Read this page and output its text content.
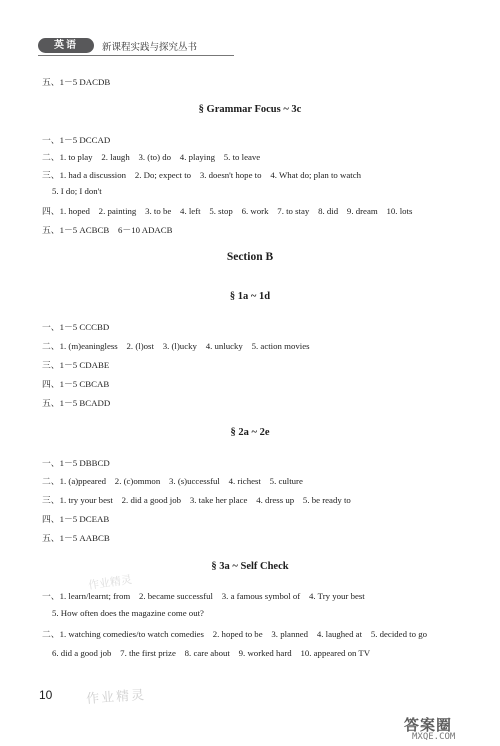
英语	新课程实践与探究丛书
五、1－5 DACDB
§ Grammar Focus ~ 3c
一、1－5 DCCAD
二、1. to play　2. laugh　3. (to) do　4. playing　5. to leave
三、1. had a discussion　2. Do; expect to　3. doesn't hope to　4. What do; plan to watch
5. I do; I don't
四、1. hoped　2. painting　3. to be　4. left　5. stop　6. work　7. to stay　8. did　9. dream　10. lots
五、1－5 ACBCB　6－10 ADACB
Section B
§ 1a ~ 1d
一、1－5 CCCBD
二、1. (m)eaningless　2. (l)ost　3. (l)ucky　4. unlucky　5. action movies
三、1－5 CDABE
四、1－5 CBCAB
五、1－5 BCADD
§ 2a ~ 2e
一、1－5 DBBCD
二、1. (a)ppeared　2. (c)ommon　3. (s)uccessful　4. richest　5. culture
三、1. try your best　2. did a good job　3. take her place　4. dress up　5. be ready to
四、1－5 DCEAB
五、1－5 AABCB
§ 3a ~ Self Check
作业精灵
一、1. learn/learnt; from　2. became successful　3. a famous symbol of　4. Try your best
5. How often does the magazine come out?
二、1. watching comedies/to watch comedies　2. hoped to be　3. planned　4. laughed at　5. decided to go
6. did a good job　7. the first prize　8. care about　9. worked hard　10. appeared on TV
10	作业精灵
答案圈
MXQE.COM
